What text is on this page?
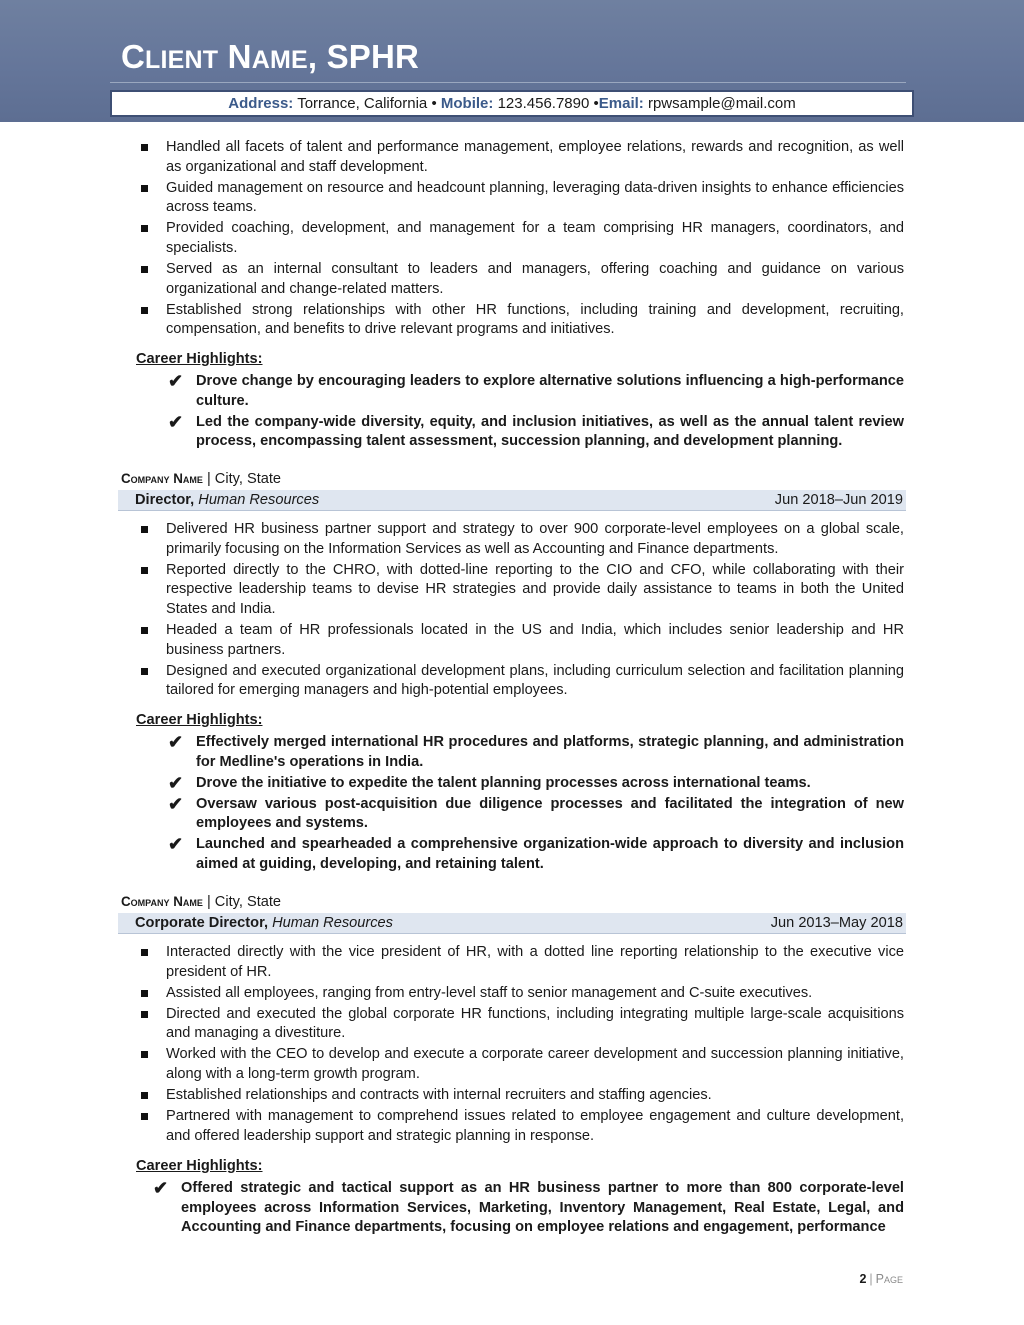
CLIENT NAME, SPHR
Address: Torrance, California • Mobile: 123.456.7890 •Email: rpwsample@mail.com
Handled all facets of talent and performance management, employee relations, rewards and recognition, as well as organizational and staff development.
Guided management on resource and headcount planning, leveraging data-driven insights to enhance efficiencies across teams.
Provided coaching, development, and management for a team comprising HR managers, coordinators, and specialists.
Served as an internal consultant to leaders and managers, offering coaching and guidance on various organizational and change-related matters.
Established strong relationships with other HR functions, including training and development, recruiting, compensation, and benefits to drive relevant programs and initiatives.
Career Highlights:
✔ Drove change by encouraging leaders to explore alternative solutions influencing a high-performance culture.
✔ Led the company-wide diversity, equity, and inclusion initiatives, as well as the annual talent review process, encompassing talent assessment, succession planning, and development planning.
Company Name | City, State
Director, Human Resources	Jun 2018–Jun 2019
Delivered HR business partner support and strategy to over 900 corporate-level employees on a global scale, primarily focusing on the Information Services as well as Accounting and Finance departments.
Reported directly to the CHRO, with dotted-line reporting to the CIO and CFO, while collaborating with their respective leadership teams to devise HR strategies and provide daily assistance to teams in both the United States and India.
Headed a team of HR professionals located in the US and India, which includes senior leadership and HR business partners.
Designed and executed organizational development plans, including curriculum selection and facilitation planning tailored for emerging managers and high-potential employees.
Career Highlights:
✔ Effectively merged international HR procedures and platforms, strategic planning, and administration for Medline's operations in India.
✔ Drove the initiative to expedite the talent planning processes across international teams.
✔ Oversaw various post-acquisition due diligence processes and facilitated the integration of new employees and systems.
✔ Launched and spearheaded a comprehensive organization-wide approach to diversity and inclusion aimed at guiding, developing, and retaining talent.
Company Name | City, State
Corporate Director, Human Resources	Jun 2013–May 2018
Interacted directly with the vice president of HR, with a dotted line reporting relationship to the executive vice president of HR.
Assisted all employees, ranging from entry-level staff to senior management and C-suite executives.
Directed and executed the global corporate HR functions, including integrating multiple large-scale acquisitions and managing a divestiture.
Worked with the CEO to develop and execute a corporate career development and succession planning initiative, along with a long-term growth program.
Established relationships and contracts with internal recruiters and staffing agencies.
Partnered with management to comprehend issues related to employee engagement and culture development, and offered leadership support and strategic planning in response.
Career Highlights:
✔ Offered strategic and tactical support as an HR business partner to more than 800 corporate-level employees across Information Services, Marketing, Inventory Management, Real Estate, Legal, and Accounting and Finance departments, focusing on employee relations and engagement, performance
2 | Page
